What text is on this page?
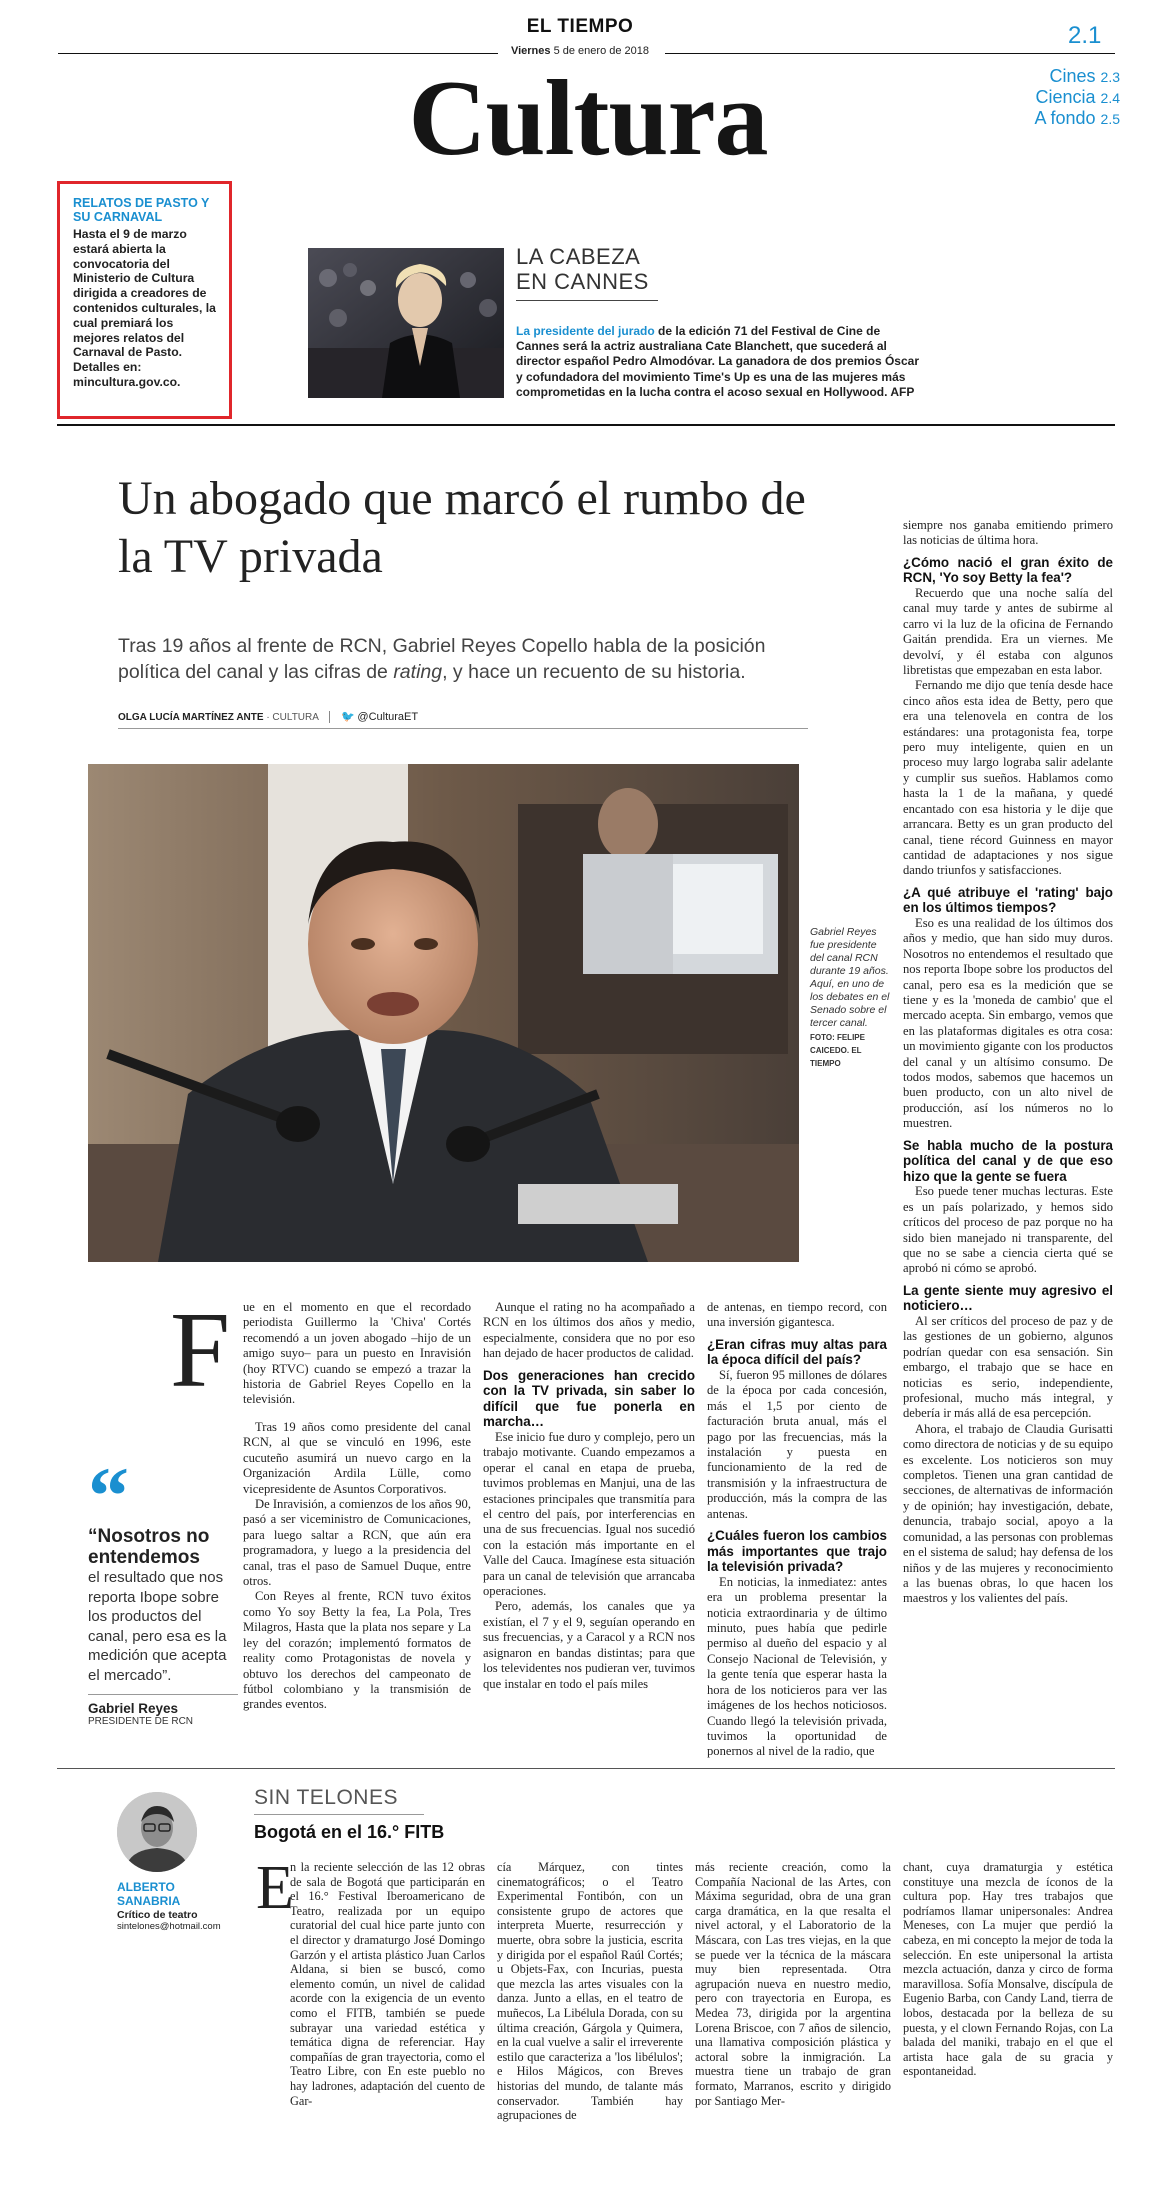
EL TIEMPO
Viernes 5 de enero de 2018
2.1
Cultura	Cines 2.3
Ciencia 2.4
A fondo 2.5
RELATOS DE PASTO Y SU CARNAVAL
Hasta el 9 de marzo estará abierta la convocatoria del Ministerio de Cultura dirigida a creadores de contenidos culturales, la cual premiará los mejores relatos del Carnaval de Pasto. Detalles en: mincultura.gov.co.
LA CABEZA EN CANNES
La presidente del jurado de la edición 71 del Festival de Cine de Cannes será la actriz australiana Cate Blanchett, que sucederá al director español Pedro Almodóvar. La ganadora de dos premios Óscar y cofundadora del movimiento Time's Up es una de las mujeres más comprometidas en la lucha contra el acoso sexual en Hollywood. AFP
Un abogado que marcó el rumbo de la TV privada
Tras 19 años al frente de RCN, Gabriel Reyes Copello habla de la posición política del canal y las cifras de rating, y hace un recuento de su historia.
OLGA LUCÍA MARTÍNEZ ANTE · CULTURA 🐦 @CulturaET
Gabriel Reyes fue presidente del canal RCN durante 19 años. Aquí, en uno de los debates en el Senado sobre el tercer canal.
FOTO: FELIPE CAICEDO. EL TIEMPO

siempre nos ganaba emitiendo primero las noticias de última hora.

¿Cómo nació el gran éxito de RCN, 'Yo soy Betty la fea'?

Recuerdo que una noche salía del canal muy tarde y antes de subirme al carro vi la luz de la oficina de Fernando Gaitán prendida. Era un viernes. Me devolví, y él estaba con algunos libretistas que empezaban en esta labor.

Fernando me dijo que tenía desde hace cinco años esta idea de Betty, pero que era una telenovela en contra de los estándares: una protagonista fea, torpe pero muy inteligente, quien en un proceso muy largo lograba salir adelante y cumplir sus sueños. Hablamos como hasta la 1 de la mañana, y quedé encantado con esa historia y le dije que arrancara. Betty es un gran producto del canal, tiene récord Guinness en mayor cantidad de adaptaciones y nos sigue dando triunfos y satisfacciones.

¿A qué atribuye el 'rating' bajo en los últimos tiempos?

Eso es una realidad de los últimos dos años y medio, que han sido muy duros. Nosotros no entendemos el resultado que nos reporta Ibope sobre los productos del canal, pero esa es la medición que se tiene y es la 'moneda de cambio' que el mercado acepta. Sin embargo, vemos que en las plataformas digitales es otra cosa: un movimiento gigante con los productos del canal y un altísimo consumo. De todos modos, sabemos que hacemos un buen producto, con un alto nivel de producción, así los números no lo muestren.

Se habla mucho de la postura política del canal y de que eso hizo que la gente se fuera

Eso puede tener muchas lecturas. Este es un país polarizado, y hemos sido críticos del proceso de paz porque no ha sido bien manejado ni transparente, del que no se sabe a ciencia cierta qué se aprobó ni cómo se aprobó.

La gente siente muy agresivo el noticiero…

Al ser críticos del proceso de paz y de las gestiones de un gobierno, algunos podrían quedar con esa sensación. Sin embargo, el trabajo que se hace en noticias es serio, independiente, profesional, mucho más integral, y debería ir más allá de esa percepción.

Ahora, el trabajo de Claudia Gurisatti como directora de noticias y de su equipo es excelente. Los noticieros son muy completos. Tienen una gran cantidad de secciones, de alternativas de información y de opinión; hay investigación, debate, denuncia, trabajo social, apoyo a la comunidad, a las personas con problemas en el sistema de salud; hay defensa de los niños y de las mujeres y reconocimiento a las buenas obras, lo que hacen los maestros y los valientes del país.

“
“Nosotros no entendemos
el resultado que nos reporta Ibope sobre los productos del canal, pero esa es la medición que acepta el mercado”.
Gabriel Reyes
PRESIDENTE DE RCN
F ue en el momento en que el recordado periodista Guillermo la 'Chiva' Cortés recomendó a un joven abogado –hijo de un amigo suyo– para un puesto en Inravisión (hoy RTVC) cuando se empezó a trazar la historia de Gabriel Reyes Copello en la televisión.

Tras 19 años como presidente del canal RCN, al que se vinculó en 1996, este cucuteño asumirá un nuevo cargo en la Organización Ardila Lülle, como vicepresidente de Asuntos Corporativos.

De Inravisión, a comienzos de los años 90, pasó a ser viceministro de Comunicaciones, para luego saltar a RCN, que aún era programadora, y luego a la presidencia del canal, tras el paso de Samuel Duque, entre otros.

Con Reyes al frente, RCN tuvo éxitos como Yo soy Betty la fea, La Pola, Tres Milagros, Hasta que la plata nos separe y La ley del corazón; implementó formatos de reality como Protagonistas de novela y obtuvo los derechos del campeonato de fútbol colombiano y la transmisión de grandes eventos.

Aunque el rating no ha acompañado a RCN en los últimos dos años y medio, especialmente, considera que no por eso han dejado de hacer productos de calidad.

Dos generaciones han crecido con la TV privada, sin saber lo difícil que fue ponerla en marcha…

Ese inicio fue duro y complejo, pero un trabajo motivante. Cuando empezamos a operar el canal en etapa de prueba, tuvimos problemas en Manjui, una de las estaciones principales que transmitía para el centro del país, por interferencias en una de sus frecuencias. Igual nos sucedió con la estación más importante en el Valle del Cauca. Imagínese esta situación para un canal de televisión que arrancaba operaciones.

Pero, además, los canales que ya existían, el 7 y el 9, seguían operando en sus frecuencias, y a Caracol y a RCN nos asignaron en bandas distintas; para que los televidentes nos pudieran ver, tuvimos que instalar en todo el país miles

de antenas, en tiempo record, con una inversión gigantesca.

¿Eran cifras muy altas para la época difícil del país?

Sí, fueron 95 millones de dólares de la época por cada concesión, más el 1,5 por ciento de facturación bruta anual, más el pago por las frecuencias, más la instalación y puesta en funcionamiento de la red de transmisión y la infraestructura de producción, más la compra de las antenas.

¿Cuáles fueron los cambios más importantes que trajo la televisión privada?

En noticias, la inmediatez: antes era un problema presentar la noticia extraordinaria y de último minuto, pues había que pedirle permiso al dueño del espacio y al Consejo Nacional de Televisión, y la gente tenía que esperar hasta la hora de los noticieros para ver las imágenes de los hechos noticiosos. Cuando llegó la televisión privada, tuvimos la oportunidad de ponernos al nivel de la radio, que

ALBERTO
SANABRIA
Crítico de teatro
sintelones@hotmail.com
SIN TELONES
Bogotá en el 16.° FITB
E

n la reciente selección de las 12 obras de sala de Bogotá que participarán en el 16.° Festival Iberoamericano de Teatro, realizada por un equipo curatorial del cual hice parte junto con el director y dramaturgo José Domingo Garzón y el artista plástico Juan Carlos Aldana, si bien se buscó, como elemento común, un nivel de calidad acorde con la exigencia de un evento como el FITB, también se puede subrayar una variedad estética y temática digna de referenciar. Hay compañías de gran trayectoria, como el Teatro Libre, con En este pueblo no hay ladrones, adaptación del cuento de Gar-

cía Márquez, con tintes cinematográficos; o el Teatro Experimental Fontibón, con un consistente grupo de actores que interpreta Muerte, resurrección y muerte, obra sobre la justicia, escrita y dirigida por el español Raúl Cortés; u Objets-Fax, con Incurias, puesta que mezcla las artes visuales con la danza. Junto a ellas, en el teatro de muñecos, La Libélula Dorada, con su última creación, Gárgola y Quimera, en la cual vuelve a salir el irreverente estilo que caracteriza a 'los libélulos'; e Hilos Mágicos, con Breves historias del mundo, de talante más conservador. También hay agrupaciones de

más reciente creación, como la Compañía Nacional de las Artes, con Máxima seguridad, obra de una gran carga dramática, en la que resalta el nivel actoral, y el Laboratorio de la Máscara, con Las tres viejas, en la que se puede ver la técnica de la máscara muy bien representada. Otra agrupación nueva en nuestro medio, pero con trayectoria en Europa, es Medea 73, dirigida por la argentina Lorena Briscoe, con 7 años de silencio, una llamativa composición plástica y actoral sobre la inmigración. La muestra tiene un trabajo de gran formato, Marranos, escrito y dirigido por Santiago Mer-

chant, cuya dramaturgia y estética constituye una mezcla de íconos de la cultura pop. Hay tres trabajos que podríamos llamar unipersonales: Andrea Meneses, con La mujer que perdió la cabeza, en mi concepto la mejor de toda la selección. En este unipersonal la artista mezcla actuación, danza y circo de forma maravillosa. Sofía Monsalve, discípula de Eugenio Barba, con Candy Land, tierra de lobos, destacada por la belleza de su puesta, y el clown Fernando Rojas, con La balada del maniki, trabajo en el que el artista hace gala de su gracia y espontaneidad.
